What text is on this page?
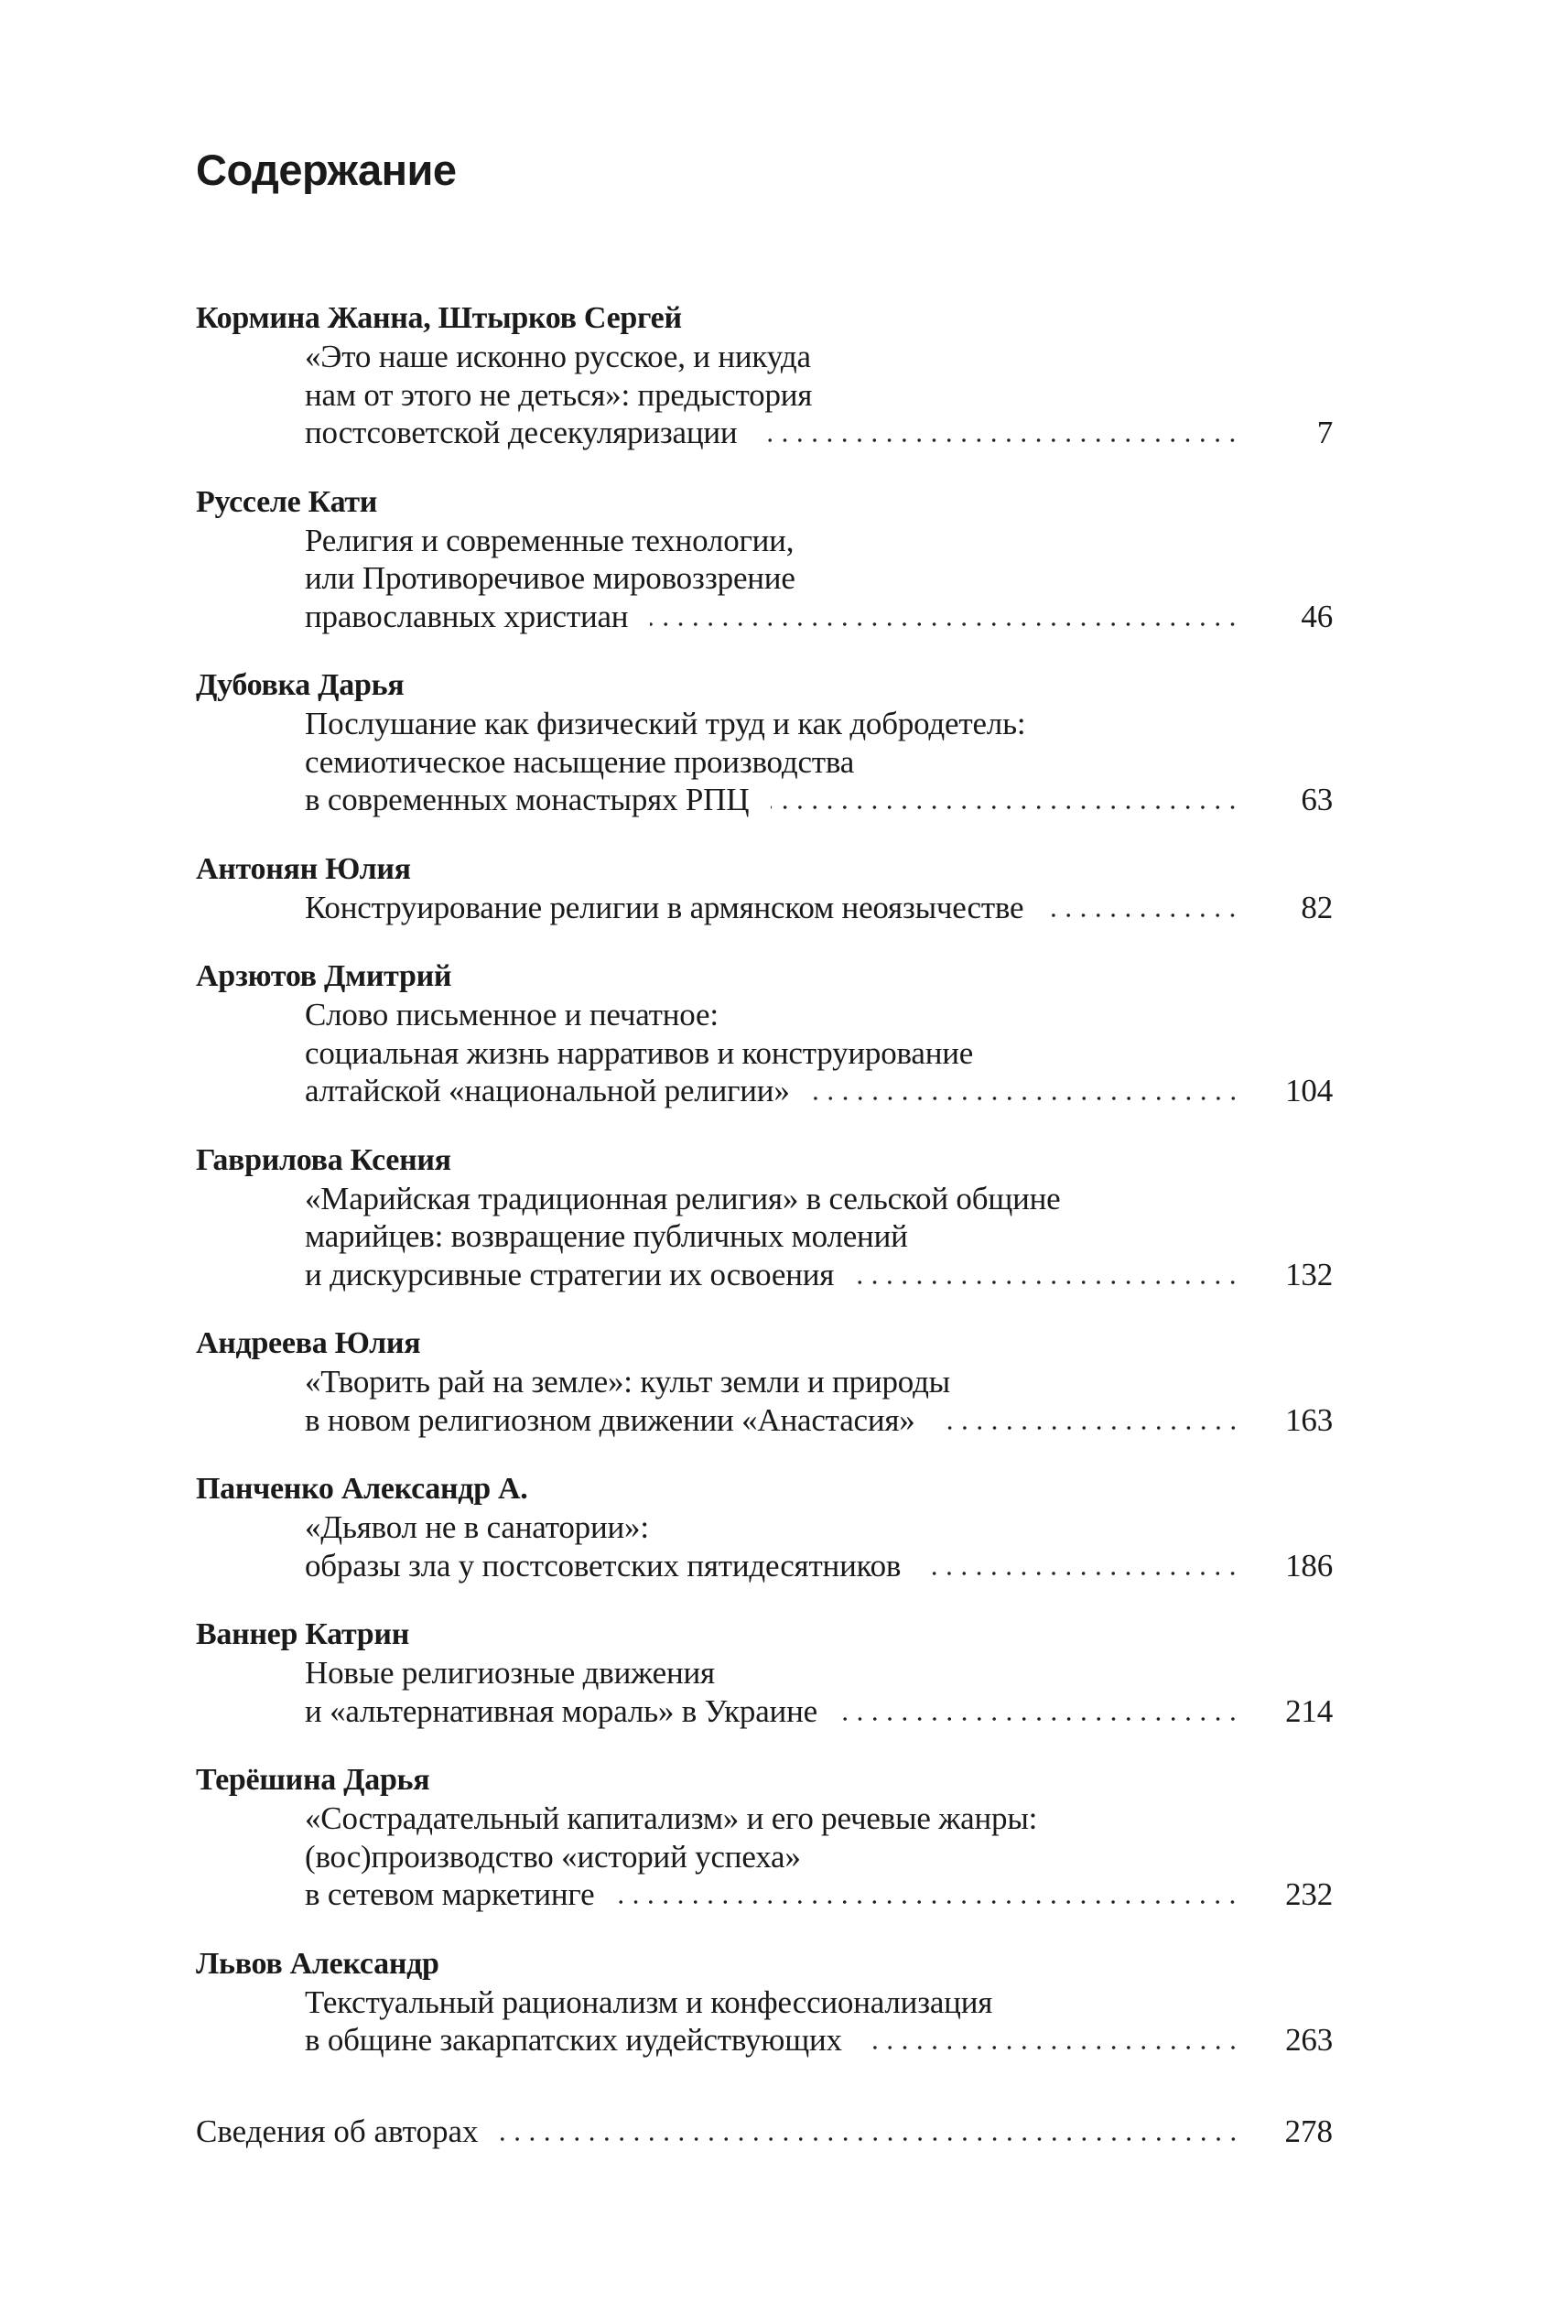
Содержание
Кормина Жанна, Штырков Сергей
«Это наше исконно русское, и никуда
нам от этого не деться»: предыстория
постсоветской десекуляризации	7
Русселе Кати
Религия и современные технологии,
или Противоречивое мировоззрение
православных христиан	46
Дубовка Дарья
Послушание как физический труд и как добродетель:
семиотическое насыщение производства
в современных монастырях РПЦ	63
Антонян Юлия
Конструирование религии в армянском неоязычестве	82
Арзютов Дмитрий
Слово письменное и печатное:
социальная жизнь нарративов и конструирование
алтайской «национальной религии»	104
Гаврилова Ксения
«Марийская традиционная религия» в сельской общине
марийцев: возвращение публичных молений
и дискурсивные стратегии их освоения	132
Андреева Юлия
«Творить рай на земле»: культ земли и природы
в новом религиозном движении «Анастасия»	163
Панченко Александр А.
«Дьявол не в санатории»:
образы зла у постсоветских пятидесятников	186
Ваннер Катрин
Новые религиозные движения
и «альтернативная мораль» в Украине	214
Терёшина Дарья
«Сострадательный капитализм» и его речевые жанры:
(вос)производство «историй успеха»
в сетевом маркетинге	232
Львов Александр
Текстуальный рационализм и конфессионализация
в общине закарпатских иудействующих	263
Сведения об авторах	278
